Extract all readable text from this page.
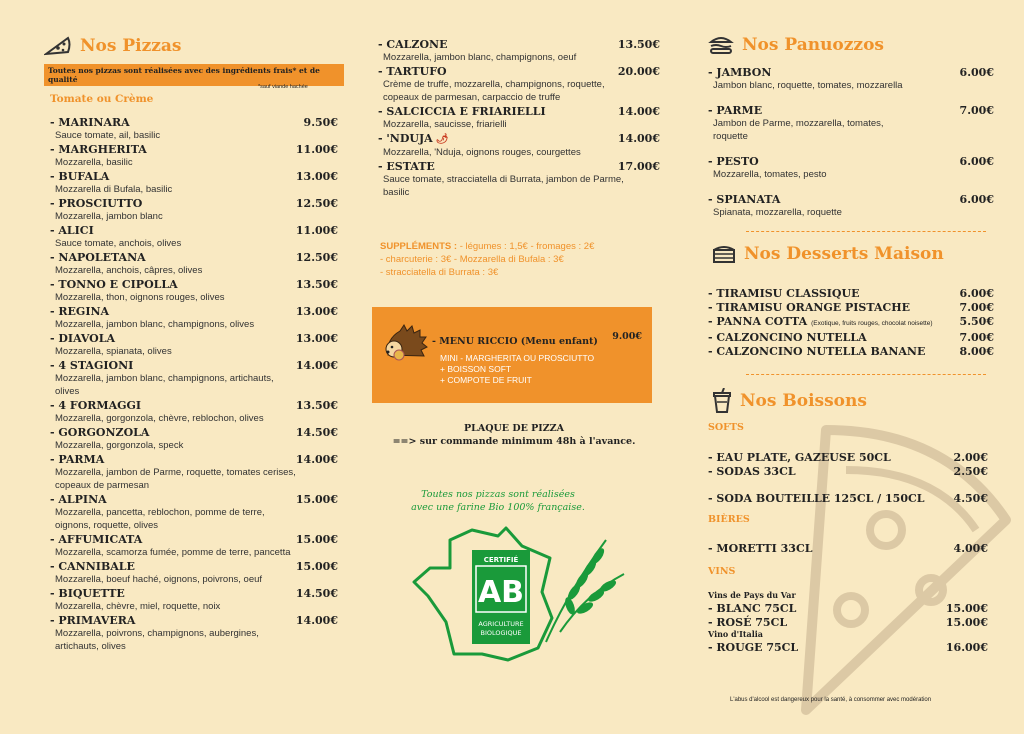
Nos Pizzas
Toutes nos pizzas sont réalisées avec des ingrédients frais* et de qualité
*sauf viande hachée
Tomate ou Crème
- MARINARA	9.50€
Sauce tomate, ail, basilic
- MARGHERITA	11.00€
Mozzarella, basilic
- BUFALA	13.00€
Mozzarella di Bufala, basilic
- PROSCIUTTO	12.50€
Mozzarella, jambon blanc
- ALICI	11.00€
Sauce tomate, anchois, olives
- NAPOLETANA	12.50€
Mozzarella, anchois, câpres, olives
- TONNO E CIPOLLA	13.50€
Mozzarella, thon, oignons rouges, olives
- REGINA	13.00€
Mozzarella, jambon blanc, champignons, olives
- DIAVOLA	13.00€
Mozzarella, spianata, olives
- 4 STAGIONI	14.00€
Mozzarella, jambon blanc, champignons, artichauts, olives
- 4 FORMAGGI	13.50€
Mozzarella, gorgonzola, chèvre, reblochon, olives
- GORGONZOLA	14.50€
Mozzarella, gorgonzola, speck
- PARMA	14.00€
Mozzarella, jambon de Parme, roquette, tomates cerises, copeaux de parmesan
- ALPINA	15.00€
Mozzarella, pancetta, reblochon, pomme de terre, oignons, roquette, olives
- AFFUMICATA	15.00€
Mozzarella, scamorza fumée, pomme de terre, pancetta
- CANNIBALE	15.00€
Mozzarella, boeuf haché, oignons, poivrons, oeuf
- BIQUETTE	14.50€
Mozzarella, chèvre, miel, roquette, noix
- PRIMAVERA	14.00€
Mozzarella, poivrons, champignons, aubergines, artichauts, olives
- CALZONE	13.50€
Mozzarella, jambon blanc, champignons, oeuf
- TARTUFO	20.00€
Crème de truffe, mozzarella, champignons, roquette, copeaux de parmesan, carpaccio de truffe
- SALCICCIA E FRIARIELLI	14.00€
Mozzarella, saucisse, friarielli
- 'NDUJA 🌶	14.00€
Mozzarella, 'Nduja, oignons rouges, courgettes
- ESTATE	17.00€
Sauce tomate, stracciatella di Burrata, jambon de Parme, basilic
SUPPLÉMENTS : - légumes : 1,5€ - fromages : 2€
- charcuterie : 3€ - Mozzarella di Bufala : 3€
- stracciatella di Burrata : 3€
- MENU RICCIO (Menu enfant) 9.00€
MINI - MARGHERITA OU PROSCIUTTO
+ BOISSON SOFT
+ COMPOTE DE FRUIT
PLAQUE DE PIZZA
==> sur commande minimum 48h à l'avance.
Toutes nos pizzas sont réalisées
avec une farine Bio 100% française.
CERTIFIÉ
AB
AGRICULTURE
BIOLOGIQUE
Nos Panuozzos
- JAMBON	6.00€
Jambon blanc, roquette, tomates, mozzarella
- PARME	7.00€
Jambon de Parme, mozzarella, tomates, roquette
- PESTO	6.00€
Mozzarella, tomates, pesto
- SPIANATA	6.00€
Spianata, mozzarella, roquette
Nos Desserts Maison
- TIRAMISU CLASSIQUE	6.00€
- TIRAMISU ORANGE PISTACHE	7.00€
- PANNA COTTA (Exotique, fruits rouges, chocolat noisette)	5.50€
- CALZONCINO NUTELLA	7.00€
- CALZONCINO NUTELLA BANANE	8.00€
Nos Boissons
SOFTS
- EAU PLATE, GAZEUSE 50CL	2.00€
- SODAS 33CL	2.50€
- SODA BOUTEILLE 125CL / 150CL	4.50€
BIÈRES
- MORETTI 33CL	4.00€
VINS
Vins de Pays du Var
- BLANC 75CL	15.00€
- ROSÉ 75CL	15.00€
Vino d'Italia
- ROUGE 75CL	16.00€
L'abus d'alcool est dangereux pour la santé, à consommer avec modération
